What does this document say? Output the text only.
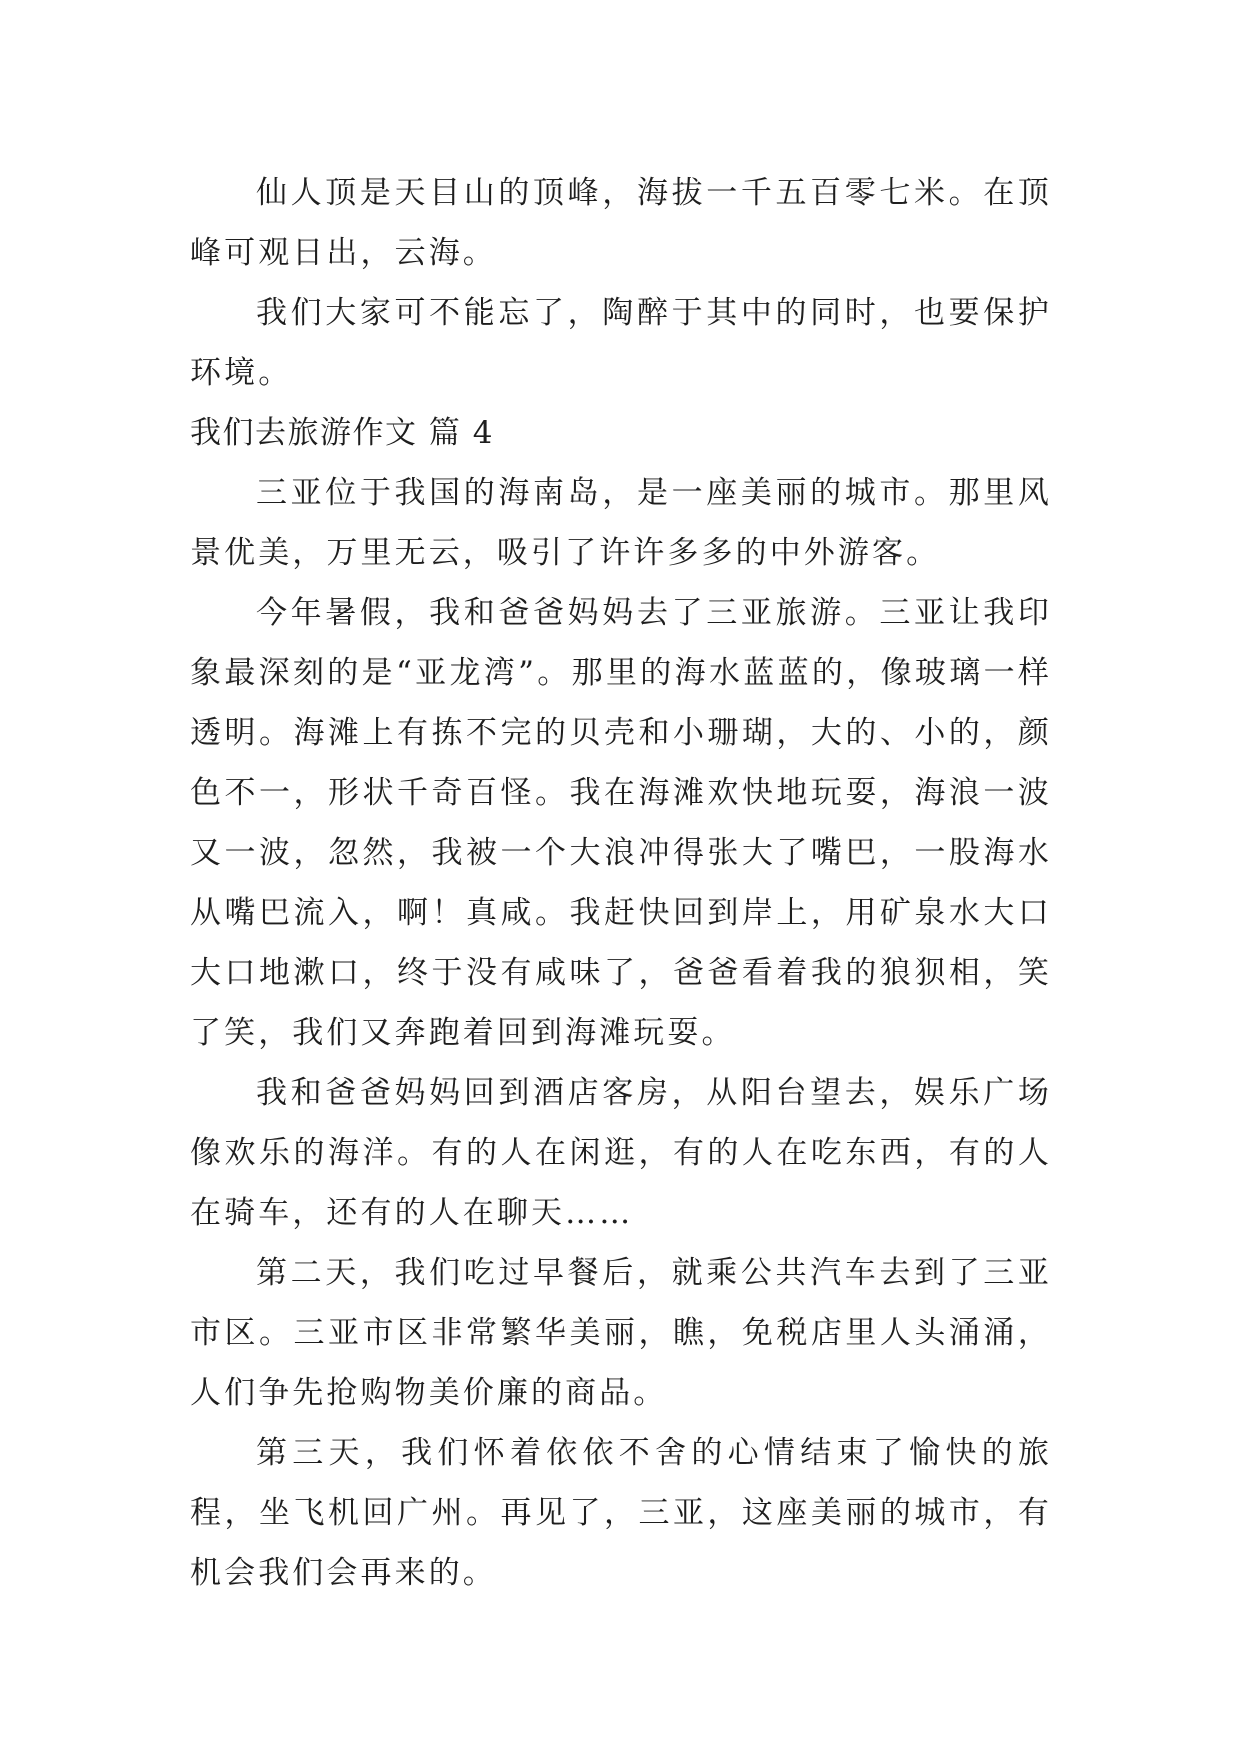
仙人顶是天目山的顶峰，海拔一千五百零七米。在顶峰可观日出，云海。

我们大家可不能忘了，陶醉于其中的同时，也要保护环境。

我们去旅游作文 篇 4

三亚位于我国的海南岛，是一座美丽的城市。那里风景优美，万里无云，吸引了许许多多的中外游客。

今年暑假，我和爸爸妈妈去了三亚旅游。三亚让我印象最深刻的是“亚龙湾”。那里的海水蓝蓝的，像玻璃一样透明。海滩上有拣不完的贝壳和小珊瑚，大的、小的，颜色不一，形状千奇百怪。我在海滩欢快地玩耍，海浪一波又一波，忽然，我被一个大浪冲得张大了嘴巴，一股海水从嘴巴流入，啊！真咸。我赶快回到岸上，用矿泉水大口大口地漱口，终于没有咸味了，爸爸看着我的狼狈相，笑了笑，我们又奔跑着回到海滩玩耍。

我和爸爸妈妈回到酒店客房，从阳台望去，娱乐广场像欢乐的海洋。有的人在闲逛，有的人在吃东西，有的人在骑车，还有的人在聊天……

第二天，我们吃过早餐后，就乘公共汽车去到了三亚市区。三亚市区非常繁华美丽，瞧，免税店里人头涌涌，人们争先抢购物美价廉的商品。

第三天，我们怀着依依不舍的心情结束了愉快的旅程，坐飞机回广州。再见了，三亚，这座美丽的城市，有机会我们会再来的。
